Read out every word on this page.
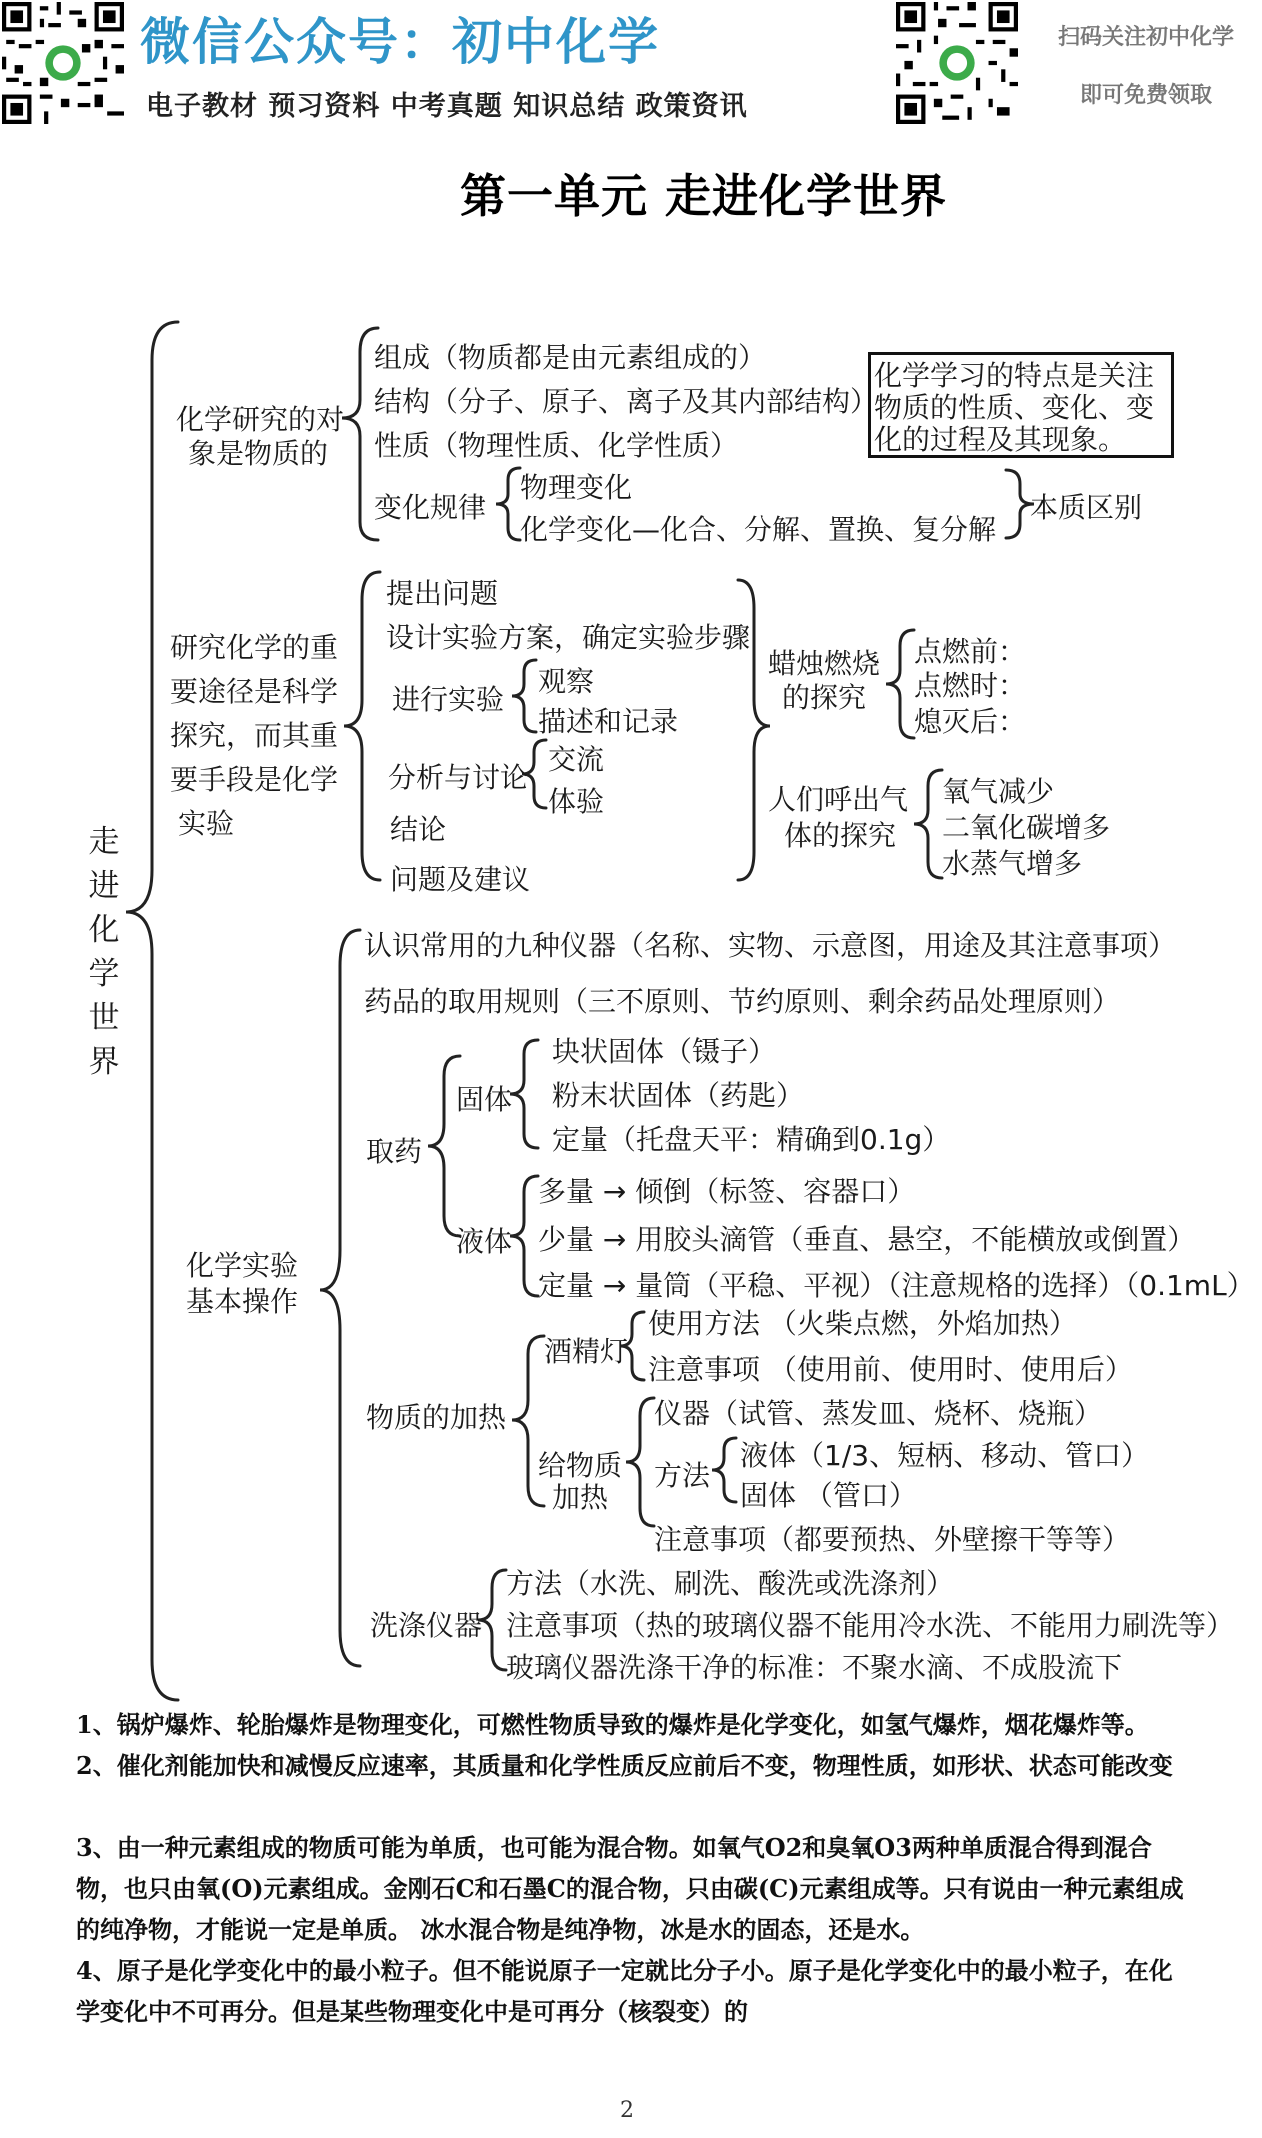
微信公众号：初中化学
电子教材 预习资料 中考真题 知识总结 政策资讯
扫码关注初中化学
即可免费领取
第一单元 走进化学世界
走进化学世界
化学研究的对
象是物质的
组成（物质都是由元素组成的）
结构（分子、原子、离子及其内部结构）
性质（物理性质、化学性质）
变化规律
物理变化
化学变化—化合、分解、置换、复分解
本质区别
化学学习的特点是关注
物质的性质、变化、变
化的过程及其现象。
研究化学的重
要途径是科学
探究，而其重
要手段是化学
实验
提出问题
设计实验方案，确定实验步骤
进行实验
观察
描述和记录
分析与讨论
交流
体验
结论
问题及建议
蜡烛燃烧
的探究
点燃前：
点燃时：
熄灭后：
人们呼出气
体的探究
氧气减少
二氧化碳增多
水蒸气增多
化学实验
基本操作
认识常用的九种仪器（名称、实物、示意图，用途及其注意事项）
药品的取用规则（三不原则、节约原则、剩余药品处理原则）
取药
固体
块状固体（镊子）
粉末状固体（药匙）
定量（托盘天平：精确到0.1g）
液体
多量 → 倾倒（标签、容器口）
少量 → 用胶头滴管（垂直、悬空，不能横放或倒置）
定量 → 量筒（平稳、平视）（注意规格的选择）（0.1mL）
物质的加热
酒精灯
使用方法 （火柴点燃，外焰加热）
注意事项 （使用前、使用时、使用后）
给物质
加热
仪器（试管、蒸发皿、烧杯、烧瓶）
方法
液体（1/3、短柄、移动、管口）
固体 （管口）
注意事项（都要预热、外壁擦干等等）
洗涤仪器
方法（水洗、刷洗、酸洗或洗涤剂）
注意事项（热的玻璃仪器不能用冷水洗、不能用力刷洗等）
玻璃仪器洗涤干净的标准：不聚水滴、不成股流下
1、锅炉爆炸、轮胎爆炸是物理变化，可燃性物质导致的爆炸是化学变化，如氢气爆炸，烟花爆炸等。
2、催化剂能加快和减慢反应速率，其质量和化学性质反应前后不变，物理性质，如形状、状态可能改变
3、由一种元素组成的物质可能为单质，也可能为混合物。如氧气O2和臭氧O3两种单质混合得到混合物，也只由氧(O)元素组成。金刚石C和石墨C的混合物，只由碳(C)元素组成等。只有说由一种元素组成的纯净物，才能说一定是单质。 冰水混合物是纯净物，冰是水的固态，还是水。
4、原子是化学变化中的最小粒子。但不能说原子一定就比分子小。原子是化学变化中的最小粒子，在化学变化中不可再分。但是某些物理变化中是可再分（核裂变）的
2
